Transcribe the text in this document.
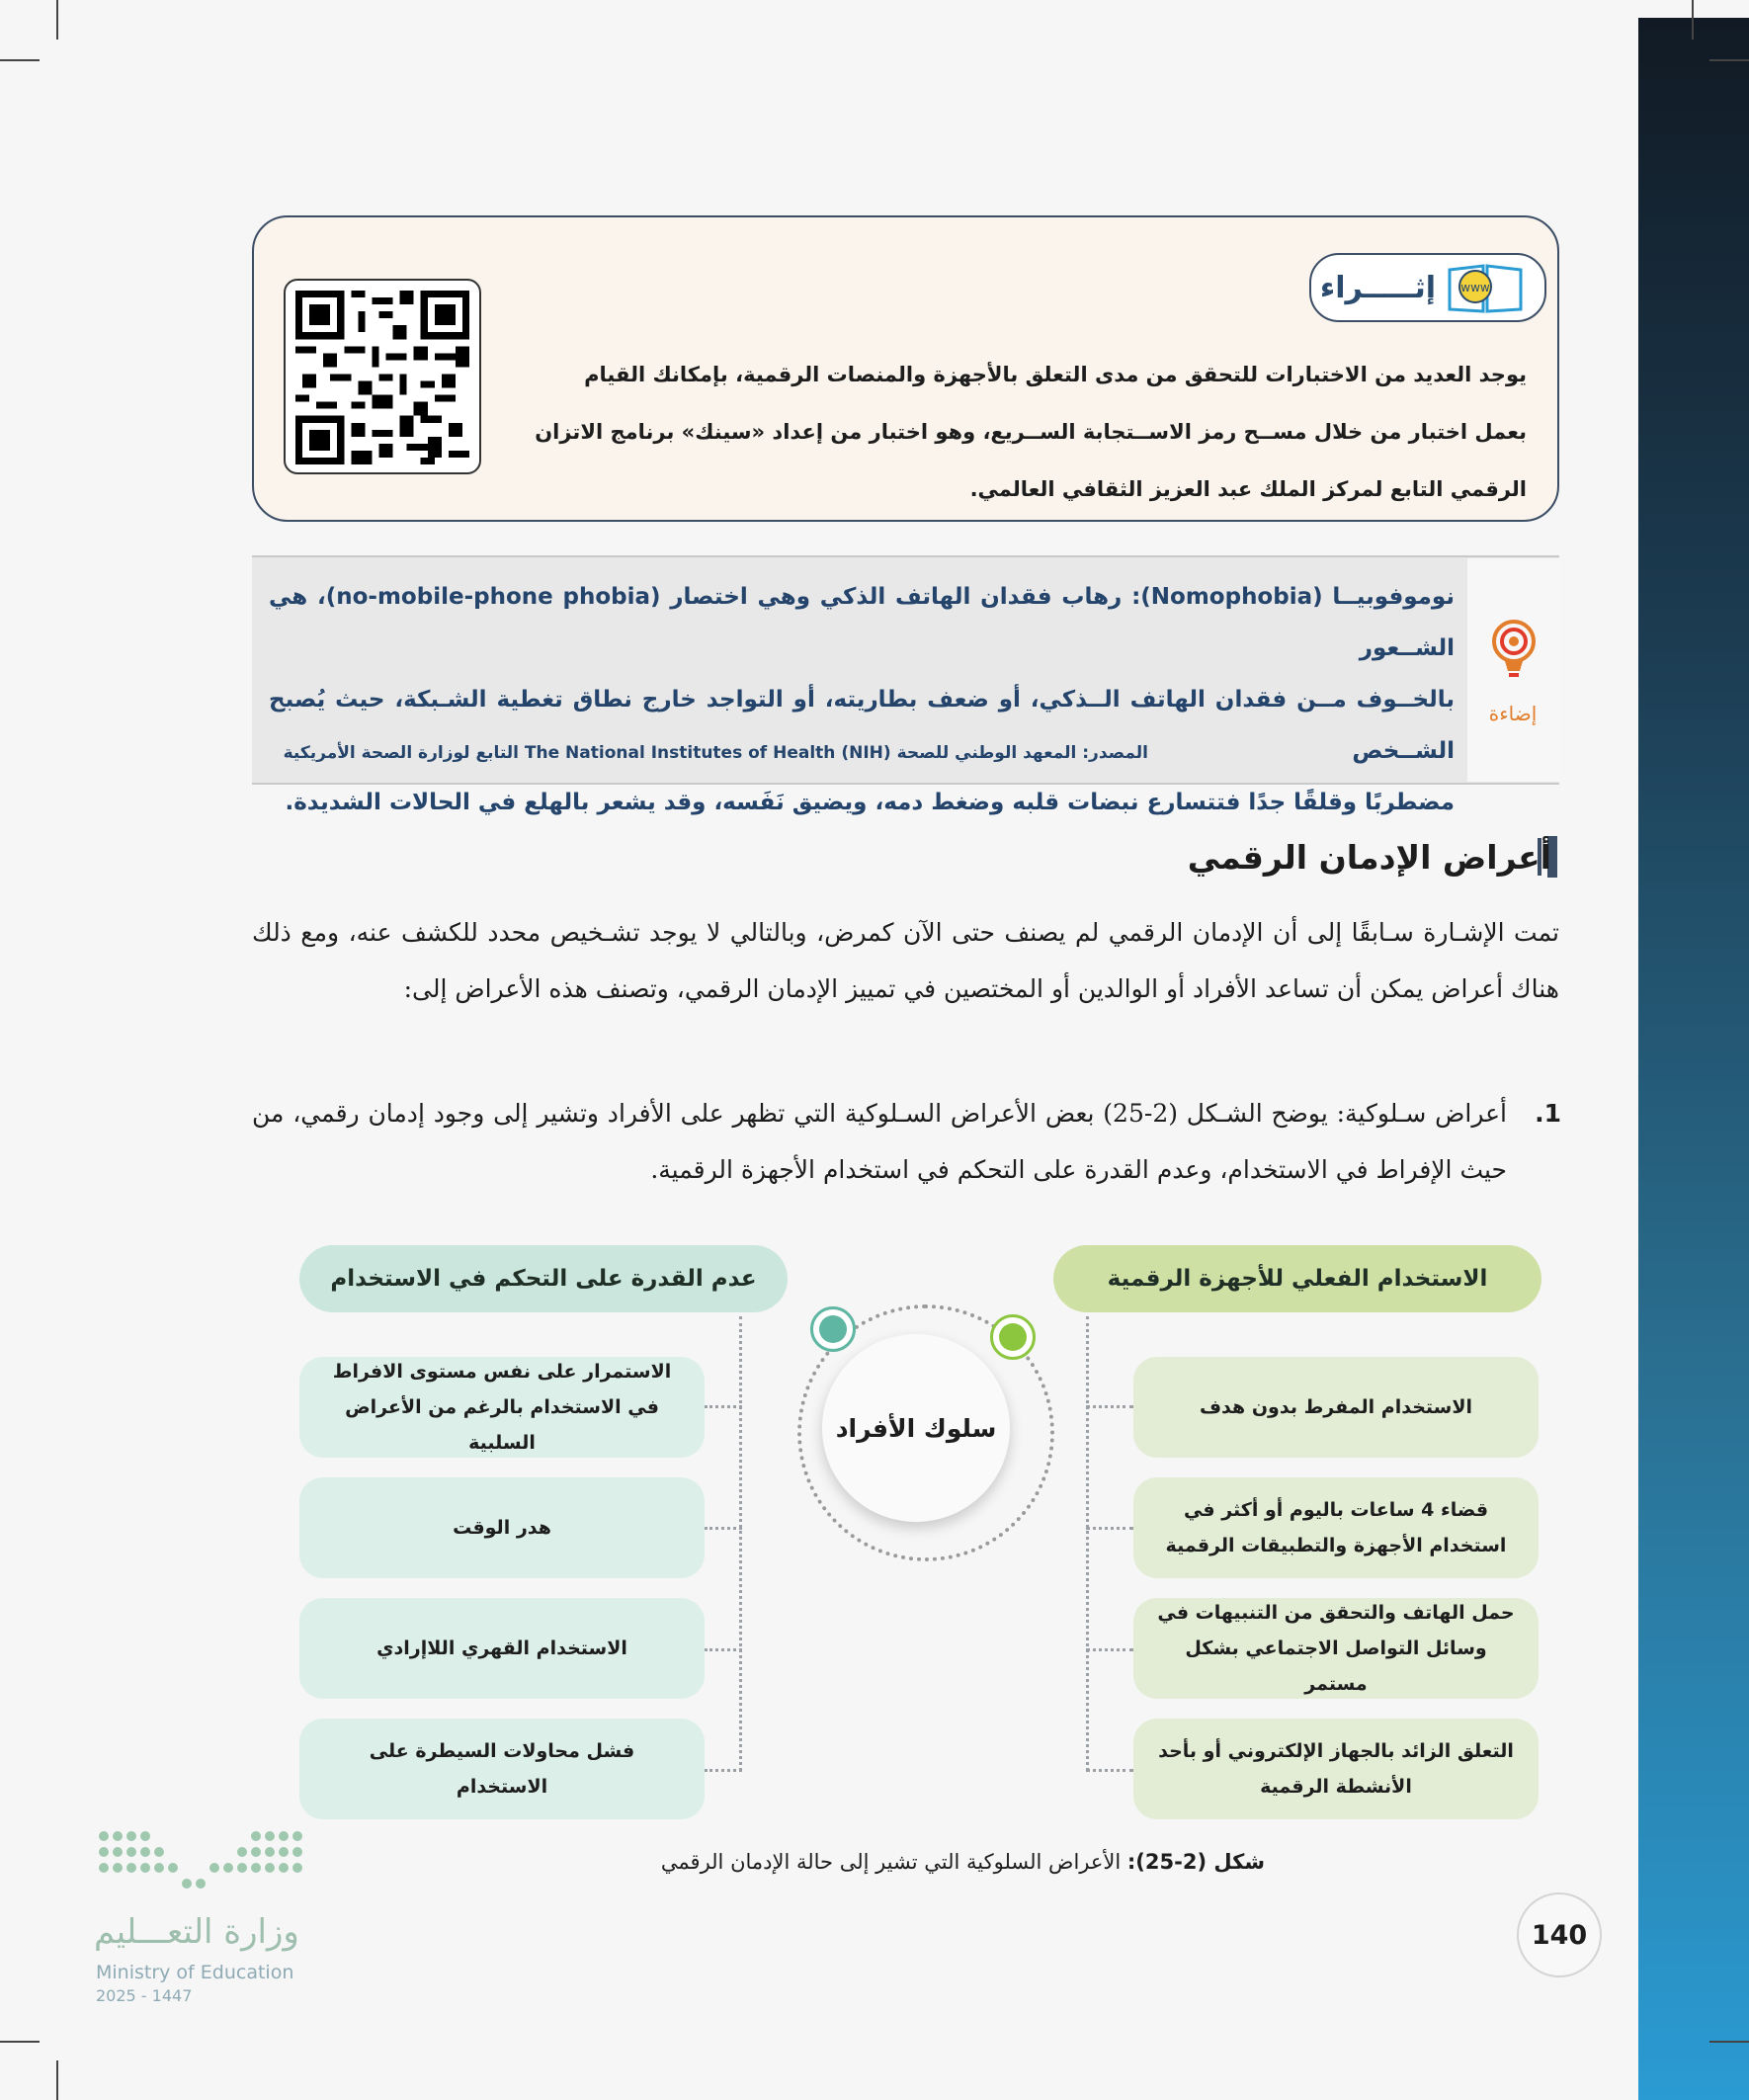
www
إثـــــراء
يوجد العديد من الاختبارات للتحقق من مدى التعلق بالأجهزة والمنصات الرقمية، بإمكانك القيام
بعمل اختبار من خلال مســح رمز الاســتجابة الســريع، وهو اختبار من إعداد «سينك» برنامج الاتزان
الرقمي التابع لمركز الملك عبد العزيز الثقافي العالمي.
إضاءة
نوموفوبيــا (Nomophobia): رهاب فقدان الهاتف الذكي وهي اختصار (no-mobile-phone phobia)، هي الشــعور
بالخــوف مــن فقدان الهاتف الــذكي، أو ضعف بطاريته، أو التواجد خارج نطاق تغطية الشـبكة، حيث يُصبح الشــخص
مضطربًا وقلقًا جدًا فتتسارع نبضات قلبه وضغط دمه، ويضيق نَفَسه، وقد يشعر بالهلع في الحالات الشديدة.
المصدر: المعهد الوطني للصحة The National Institutes of Health (NIH) التابع لوزارة الصحة الأمريكية
أعراض الإدمان الرقمي
تمت الإشـارة سـابقًا إلى أن الإدمان الرقمي لم يصنف حتى الآن كمرض، وبالتالي لا يوجد تشـخيص محدد للكشف عنه، ومع ذلك هناك أعراض يمكن أن تساعد الأفراد أو الوالدين أو المختصين في تمييز الإدمان الرقمي، وتصنف هذه الأعراض إلى:
1.
أعراض سـلوكية: يوضح الشـكل (2-25) بعض الأعراض السـلوكية التي تظهر على الأفراد وتشير إلى وجود إدمان رقمي، من حيث الإفراط في الاستخدام، وعدم القدرة على التحكم في استخدام الأجهزة الرقمية.
الاستخدام الفعلي للأجهزة الرقمية
عدم القدرة على التحكم في الاستخدام
الاستخدام المفرط بدون هدف
قضاء 4 ساعات باليوم أو أكثر في استخدام الأجهزة والتطبيقات الرقمية
حمل الهاتف والتحقق من التنبيهات في وسائل التواصل الاجتماعي بشكل مستمر
التعلق الزائد بالجهاز الإلكتروني أو بأحد الأنشطة الرقمية
الاستمرار على نفس مستوى الافراط في الاستخدام بالرغم من الأعراض السلبية
هدر الوقت
الاستخدام القهري اللاإرادي
فشل محاولات السيطرة على الاستخدام
سلوك الأفراد
شكل (2-25): الأعراض السلوكية التي تشير إلى حالة الإدمان الرقمي
وزارة التعـــليم
Ministry of Education
2025 - 1447
140
